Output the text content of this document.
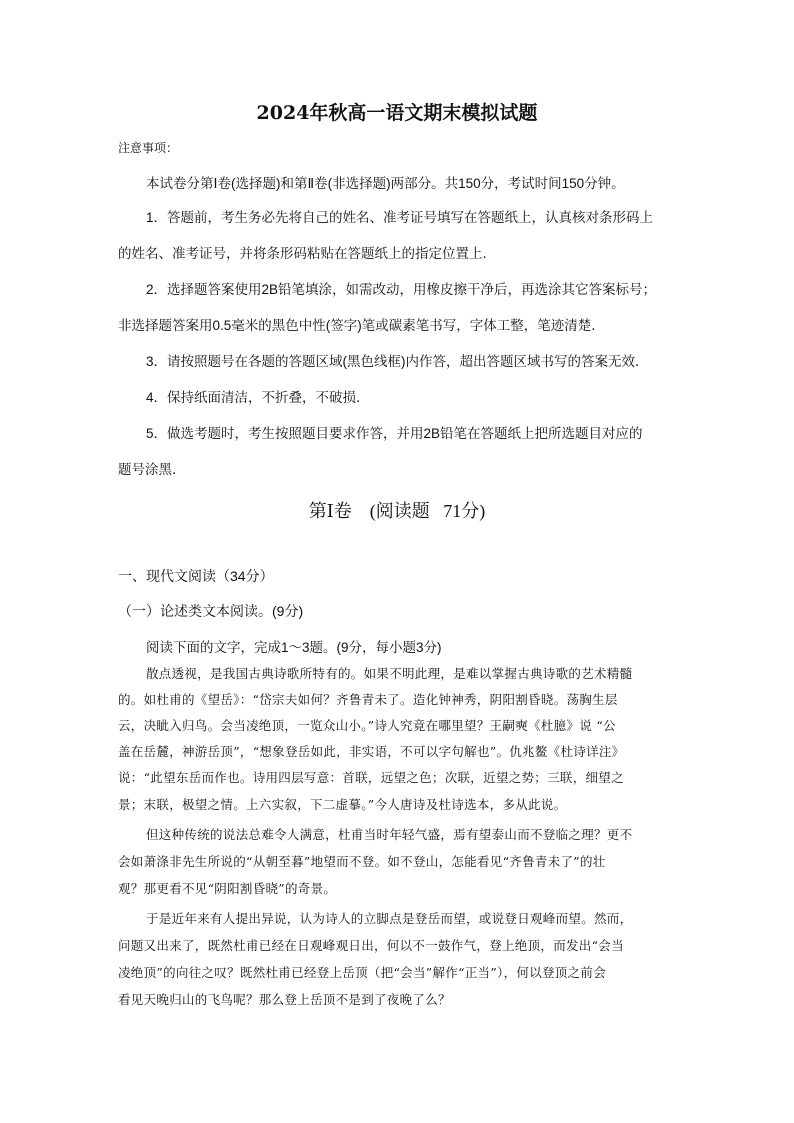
2024年秋高一语文期末模拟试题
注意事项：
本试卷分第Ⅰ卷(选择题)和第Ⅱ卷(非选择题)两部分。共150分，考试时间150分钟。
1．答题前，考生务必先将自己的姓名、准考证号填写在答题纸上，认真核对条形码上
的姓名、准考证号，并将条形码粘贴在答题纸上的指定位置上．
2．选择题答案使用2B铅笔填涂，如需改动，用橡皮擦干净后，再选涂其它答案标号；
非选择题答案用0.5毫米的黑色中性(签字)笔或碳素笔书写，字体工整，笔迹清楚．
3．请按照题号在各题的答题区域(黑色线框)内作答，超出答题区域书写的答案无效．
4．保持纸面清洁，不折叠，不破损．
5．做选考题时，考生按照题目要求作答，并用2B铅笔在答题纸上把所选题目对应的
题号涂黑．
第Ⅰ卷    (阅读题   71分)
一、现代文阅读（34分）
（一）论述类文本阅读。(9分)
阅读下面的文字，完成1～3题。(9分，每小题3分)
散点透视，是我国古典诗歌所特有的。如果不明此理，是难以掌握古典诗歌的艺术精髓
的。如杜甫的《望岳》：“岱宗夫如何？齐鲁青未了。造化钟神秀，阴阳割昏晓。荡胸生层
云，决眦入归鸟。会当凌绝顶，一览众山小。”诗人究竟在哪里望？王嗣奭《杜臆》说 “公
盖在岳麓，神游岳顶”，“想象登岳如此，非实语，不可以字句解也”。仇兆鳌《杜诗详注》
说：“此望东岳而作也。诗用四层写意：首联，远望之色；次联，近望之势；三联，细望之
景；末联，极望之情。上六实叙，下二虚摹。”今人唐诗及杜诗选本，多从此说。
但这种传统的说法总难令人满意，杜甫当时年轻气盛，焉有望泰山而不登临之理？更不
会如萧涤非先生所说的“从朝至暮”地望而不登。如不登山，怎能看见“齐鲁青未了”的壮
观？那更看不见“阴阳割昏晓”的奇景。
于是近年来有人提出异说，认为诗人的立脚点是登岳而望，或说登日观峰而望。然而，
问题又出来了，既然杜甫已经在日观峰观日出，何以不一鼓作气，登上绝顶，而发出“会当
凌绝顶”的向往之叹？既然杜甫已经登上岳顶（把“会当”解作“正当”），何以登顶之前会
看见天晚归山的飞鸟呢？那么登上岳顶不是到了夜晚了么？
